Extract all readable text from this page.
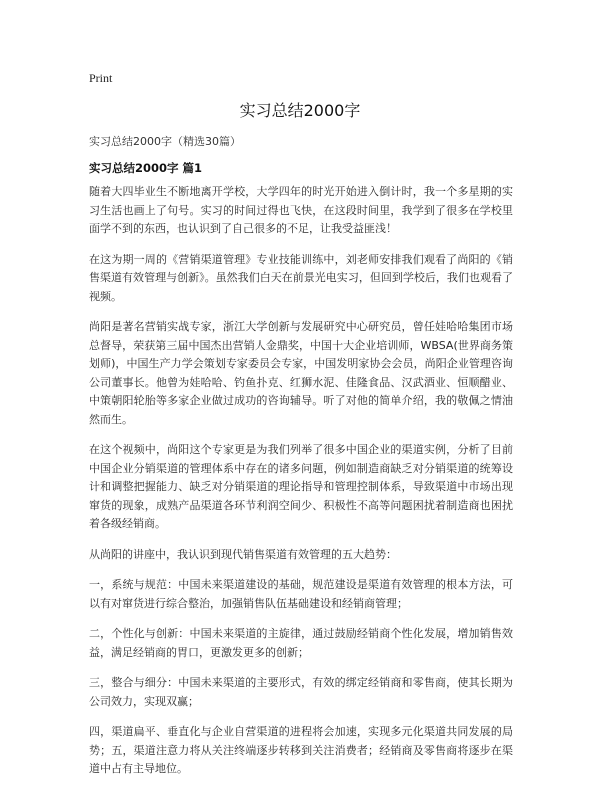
Print
实习总结2000字
实习总结2000字（精选30篇）
实习总结2000字 篇1

随着大四毕业生不断地离开学校，大学四年的时光开始进入倒计时，我一个多星期的实习生活也画上了句号。实习的时间过得也飞快，在这段时间里，我学到了很多在学校里面学不到的东西，也认识到了自己很多的不足，让我受益匪浅！

在这为期一周的《营销渠道管理》专业技能训练中，刘老师安排我们观看了尚阳的《销售渠道有效管理与创新》。虽然我们白天在前景光电实习，但回到学校后，我们也观看了视频。

尚阳是著名营销实战专家，浙江大学创新与发展研究中心研究员，曾任娃哈哈集团市场总督导，荣获第三届中国杰出营销人金鼎奖，中国十大企业培训师，WBSA(世界商务策划师)，中国生产力学会策划专家委员会专家，中国发明家协会会员，尚阳企业管理咨询公司董事长。他曾为娃哈哈、钓鱼扑克、红狮水泥、佳隆食品、汉武酒业、恒顺醋业、中策朝阳轮胎等多家企业做过成功的咨询辅导。听了对他的简单介绍，我的敬佩之情油然而生。

在这个视频中，尚阳这个专家更是为我们列举了很多中国企业的渠道实例，分析了目前中国企业分销渠道的管理体系中存在的诸多问题，例如制造商缺乏对分销渠道的统筹设计和调整把握能力、缺乏对分销渠道的理论指导和管理控制体系，导致渠道中市场出现窜货的现象，成熟产品渠道各环节利润空间少、积极性不高等问题困扰着制造商也困扰着各级经销商。

从尚阳的讲座中，我认识到现代销售渠道有效管理的五大趋势：

一，系统与规范：中国未来渠道建设的基础，规范建设是渠道有效管理的根本方法，可以有对窜货进行综合整治，加强销售队伍基础建设和经销商管理；

二，个性化与创新：中国未来渠道的主旋律，通过鼓励经销商个性化发展，增加销售效益，满足经销商的胃口，更激发更多的创新；

三，整合与细分：中国未来渠道的主要形式，有效的绑定经销商和零售商，使其长期为公司效力，实现双赢；

四，渠道扁平、垂直化与企业自营渠道的进程将会加速，实现多元化渠道共同发展的局势；五，渠道注意力将从关注终端逐步转移到关注消费者；经销商及零售商将逐步在渠道中占有主导地位。
